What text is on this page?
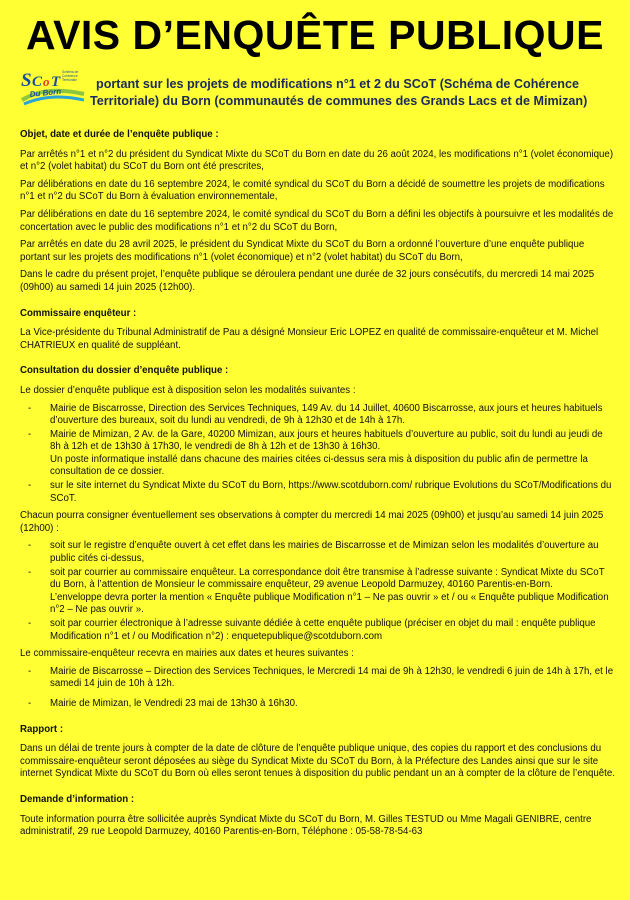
AVIS D’ENQUÊTE PUBLIQUE
S C o T
Du Born
Schéma de
Cohérence
Territoriale portant sur les projets de modifications n°1 et 2 du SCoT (Schéma de Cohérence
Territoriale) du Born (communautés de communes des Grands Lacs et de Mimizan)
Objet, date et durée de l’enquête publique :
Par arrêtés n°1 et n°2 du président du Syndicat Mixte du SCoT du Born en date du 26 août 2024, les modifications n°1 (volet économique) et n°2 (volet habitat) du SCoT du Born ont été prescrites,
Par délibérations en date du 16 septembre 2024, le comité syndical du SCoT du Born a décidé de soumettre les projets de modifications n°1 et n°2 du SCoT du Born à évaluation environnementale,
Par délibérations en date du 16 septembre 2024, le comité syndical du SCoT du Born a défini les objectifs à poursuivre et les modalités de concertation avec le public des modifications n°1 et n°2 du SCoT du Born,
Par arrêtés en date du 28 avril 2025, le président du Syndicat Mixte du SCoT du Born a ordonné l’ouverture d’une enquête publique portant sur les projets des modifications n°1 (volet économique) et n°2 (volet habitat) du SCoT du Born,
Dans le cadre du présent projet, l’enquête publique se déroulera pendant une durée de 32 jours consécutifs, du mercredi 14 mai 2025 (09h00) au samedi 14 juin 2025 (12h00).
Commissaire enquêteur :
La Vice-présidente du Tribunal Administratif de Pau a désigné Monsieur Eric LOPEZ en qualité de commissaire-enquêteur et M. Michel CHATRIEUX en qualité de suppléant.
Consultation du dossier d’enquête publique :
Le dossier d’enquête publique est à disposition selon les modalités suivantes :
- Mairie de Biscarrosse, Direction des Services Techniques, 149 Av. du 14 Juillet, 40600 Biscarrosse, aux jours et heures habituels d’ouverture des bureaux, soit du lundi au vendredi, de 9h à 12h30 et de 14h à 17h.
- Mairie de Mimizan, 2 Av. de la Gare, 40200 Mimizan, aux jours et heures habituels d’ouverture au public, soit du lundi au jeudi de 8h à 12h et de 13h30 à 17h30, le vendredi de 8h à 12h et de 13h30 à 16h30.
Un poste informatique installé dans chacune des mairies citées ci-dessus sera mis à disposition du public afin de permettre la consultation de ce dossier.
- sur le site internet du Syndicat Mixte du SCoT du Born, https://www.scotduborn.com/ rubrique Evolutions du SCoT/Modifications du SCoT.
Chacun pourra consigner éventuellement ses observations à compter du mercredi 14 mai 2025 (09h00) et jusqu’au samedi 14 juin 2025 (12h00) :
- soit sur le registre d’enquête ouvert à cet effet dans les mairies de Biscarrosse et de Mimizan selon les modalités d’ouverture au public cités ci-dessus,
- soit par courrier au commissaire enquêteur. La correspondance doit être transmise à l’adresse suivante : Syndicat Mixte du SCoT du Born, à l’attention de Monsieur le commissaire enquêteur, 29 avenue Leopold Darmuzey, 40160 Parentis-en-Born.
L’enveloppe devra porter la mention « Enquête publique Modification n°1 – Ne pas ouvrir » et / ou « Enquête publique Modification n°2 – Ne pas ouvrir ».
- soit par courrier électronique à l’adresse suivante dédiée à cette enquête publique (préciser en objet du mail : enquête publique Modification n°1 et / ou Modification n°2) : enquetepublique@scotduborn.com
Le commissaire-enquêteur recevra en mairies aux dates et heures suivantes :
- Mairie de Biscarrosse – Direction des Services Techniques, le Mercredi 14 mai de 9h à 12h30, le vendredi 6 juin de 14h à 17h, et le samedi 14 juin de 10h à 12h.
- Mairie de Mimizan, le Vendredi 23 mai de 13h30 à 16h30.
Rapport :
Dans un délai de trente jours à compter de la date de clôture de l’enquête publique unique, des copies du rapport et des conclusions du commissaire-enquêteur seront déposées au siège du Syndicat Mixte du SCoT du Born, à la Préfecture des Landes ainsi que sur le site internet Syndicat Mixte du SCoT du Born où elles seront tenues à disposition du public pendant un an à compter de la clôture de l’enquête.
Demande d’information :
Toute information pourra être sollicitée auprès Syndicat Mixte du SCoT du Born, M. Gilles TESTUD ou Mme Magali GENIBRE, centre administratif, 29 rue Leopold Darmuzey, 40160 Parentis-en-Born, Téléphone : 05-58-78-54-63
